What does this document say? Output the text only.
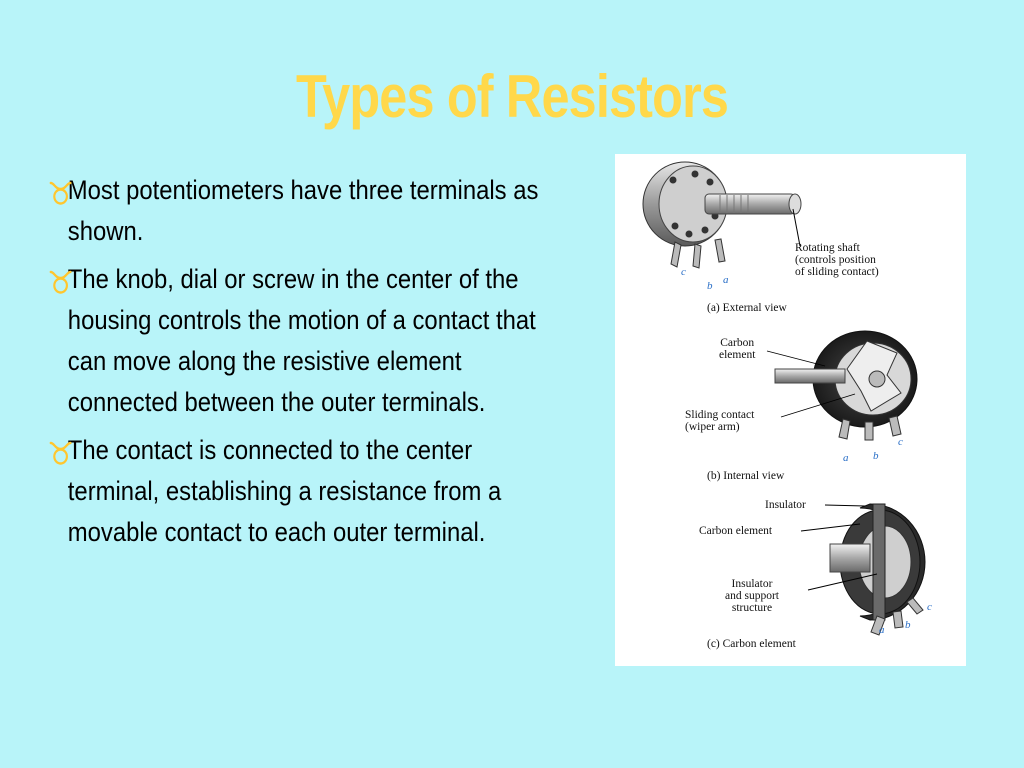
Types of Resistors
Most potentiometers have three terminals as shown.
The knob, dial or screw in the center of the housing controls the motion of a contact that can move along the resistive element connected between the outer terminals.
The contact is connected to the center terminal, establishing a resistance from a movable contact to each outer terminal.
Rotating shaft
(controls position
of sliding contact)
(a) External view
c
b a
Carbon
element
Sliding contact
(wiper arm)
(b) Internal view
a b
c
Insulator
Carbon element
Insulator
and support
structure
(c) Carbon element
a b
c
